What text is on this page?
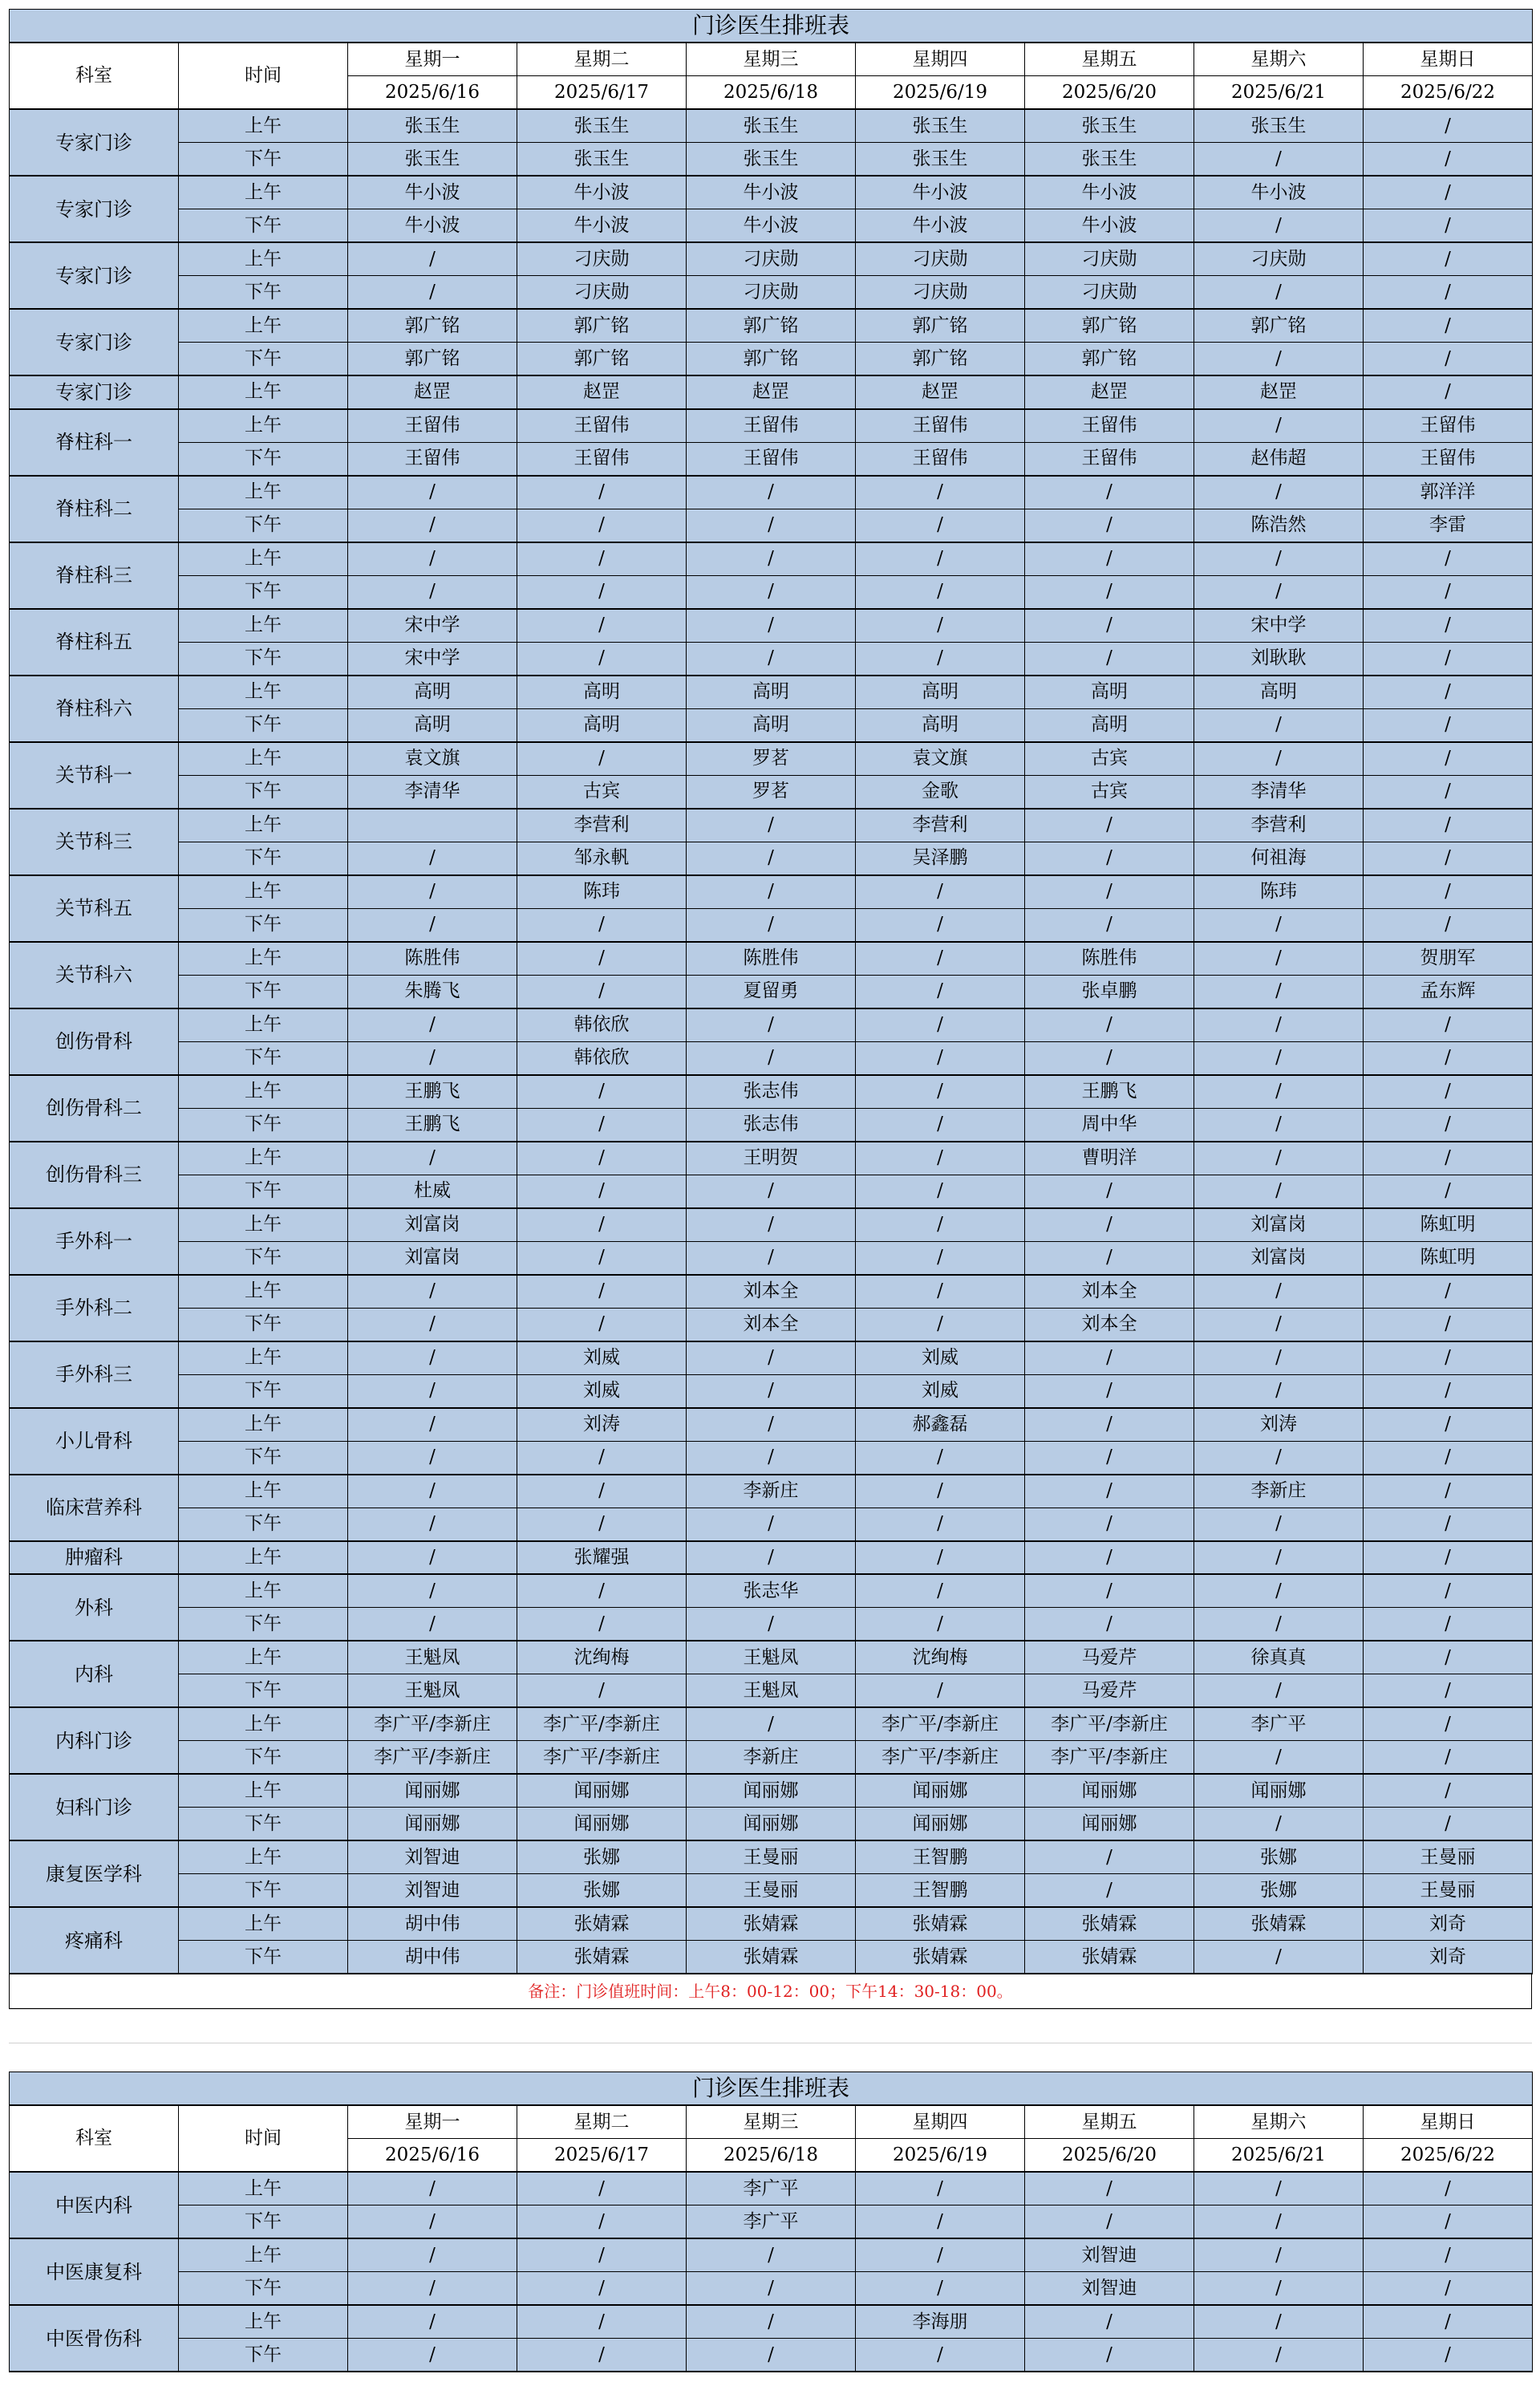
门诊医生排班表								
科室	时间	星期一	星期二	星期三	星期四	星期五	星期六	星期日
		2025/6/16	2025/6/17	2025/6/18	2025/6/19	2025/6/20	2025/6/21	2025/6/22
专家门诊	上午	张玉生	张玉生	张玉生	张玉生	张玉生	张玉生	/
	下午	张玉生	张玉生	张玉生	张玉生	张玉生	/	/
专家门诊	上午	牛小波	牛小波	牛小波	牛小波	牛小波	牛小波	/
	下午	牛小波	牛小波	牛小波	牛小波	牛小波	/	/
专家门诊	上午	/	刁庆勋	刁庆勋	刁庆勋	刁庆勋	刁庆勋	/
	下午	/	刁庆勋	刁庆勋	刁庆勋	刁庆勋	/	/
专家门诊	上午	郭广铭	郭广铭	郭广铭	郭广铭	郭广铭	郭广铭	/
	下午	郭广铭	郭广铭	郭广铭	郭广铭	郭广铭	/	/
专家门诊	上午	赵罡	赵罡	赵罡	赵罡	赵罡	赵罡	/
脊柱科一	上午	王留伟	王留伟	王留伟	王留伟	王留伟	/	王留伟
	下午	王留伟	王留伟	王留伟	王留伟	王留伟	赵伟超	王留伟
脊柱科二	上午	/	/	/	/	/	/	郭洋洋
	下午	/	/	/	/	/	陈浩然	李雷
脊柱科三	上午	/	/	/	/	/	/	/
	下午	/	/	/	/	/	/	/
脊柱科五	上午	宋中学	/	/	/	/	宋中学	/
	下午	宋中学	/	/	/	/	刘耿耿	/
脊柱科六	上午	高明	高明	高明	高明	高明	高明	/
	下午	高明	高明	高明	高明	高明	/	/
关节科一	上午	袁文旗	/	罗茗	袁文旗	古宾	/	/
	下午	李清华	古宾	罗茗	金歌	古宾	李清华	/
关节科三	上午		李营利	/	李营利	/	李营利	/
	下午	/	邹永軓	/	吴泽鹏	/	何祖海	/
关节科五	上午	/	陈玮	/	/	/	陈玮	/
	下午	/	/	/	/	/	/	/
关节科六	上午	陈胜伟	/	陈胜伟	/	陈胜伟	/	贺朋军
	下午	朱腾飞	/	夏留勇	/	张卓鹏	/	孟东辉
创伤骨科	上午	/	韩依欣	/	/	/	/	/
	下午	/	韩依欣	/	/	/	/	/
创伤骨科二	上午	王鹏飞	/	张志伟	/	王鹏飞	/	/
	下午	王鹏飞	/	张志伟	/	周中华	/	/
创伤骨科三	上午	/	/	王明贺	/	曹明洋	/	/
	下午	杜威	/	/	/	/	/	/
手外科一	上午	刘富岗	/	/	/	/	刘富岗	陈虹明
	下午	刘富岗	/	/	/	/	刘富岗	陈虹明
手外科二	上午	/	/	刘本全	/	刘本全	/	/
	下午	/	/	刘本全	/	刘本全	/	/
手外科三	上午	/	刘威	/	刘威	/	/	/
	下午	/	刘威	/	刘威	/	/	/
小儿骨科	上午	/	刘涛	/	郝鑫磊	/	刘涛	/
	下午	/	/	/	/	/	/	/
临床营养科	上午	/	/	李新庄	/	/	李新庄	/
	下午	/	/	/	/	/	/	/
肿瘤科	上午	/	张耀强	/	/	/	/	/
外科	上午	/	/	张志华	/	/	/	/
	下午	/	/	/	/	/	/	/
内科	上午	王魁凤	沈绚梅	王魁凤	沈绚梅	马爱芹	徐真真	/
	下午	王魁凤	/	王魁凤	/	马爱芹	/	/
内科门诊	上午	李广平/李新庄	李广平/李新庄	/	李广平/李新庄	李广平/李新庄	李广平	/
	下午	李广平/李新庄	李广平/李新庄	李新庄	李广平/李新庄	李广平/李新庄	/	/
妇科门诊	上午	闻丽娜	闻丽娜	闻丽娜	闻丽娜	闻丽娜	闻丽娜	/
	下午	闻丽娜	闻丽娜	闻丽娜	闻丽娜	闻丽娜	/	/
康复医学科	上午	刘智迪	张娜	王曼丽	王智鹏	/	张娜	王曼丽
	下午	刘智迪	张娜	王曼丽	王智鹏	/	张娜	王曼丽
疼痛科	上午	胡中伟	张婧霖	张婧霖	张婧霖	张婧霖	张婧霖	刘奇
	下午	胡中伟	张婧霖	张婧霖	张婧霖	张婧霖	/	刘奇
备注：门诊值班时间：上午8：00-12：00；下午14：30-18：00。
门诊医生排班表								
科室	时间	星期一	星期二	星期三	星期四	星期五	星期六	星期日
		2025/6/16	2025/6/17	2025/6/18	2025/6/19	2025/6/20	2025/6/21	2025/6/22
中医内科	上午	/	/	李广平	/	/	/	/
	下午	/	/	李广平	/	/	/	/
中医康复科	上午	/	/	/	/	刘智迪	/	/
	下午	/	/	/	/	刘智迪	/	/
中医骨伤科	上午	/	/	/	李海朋	/	/	/
	下午	/	/	/	/	/	/	/
